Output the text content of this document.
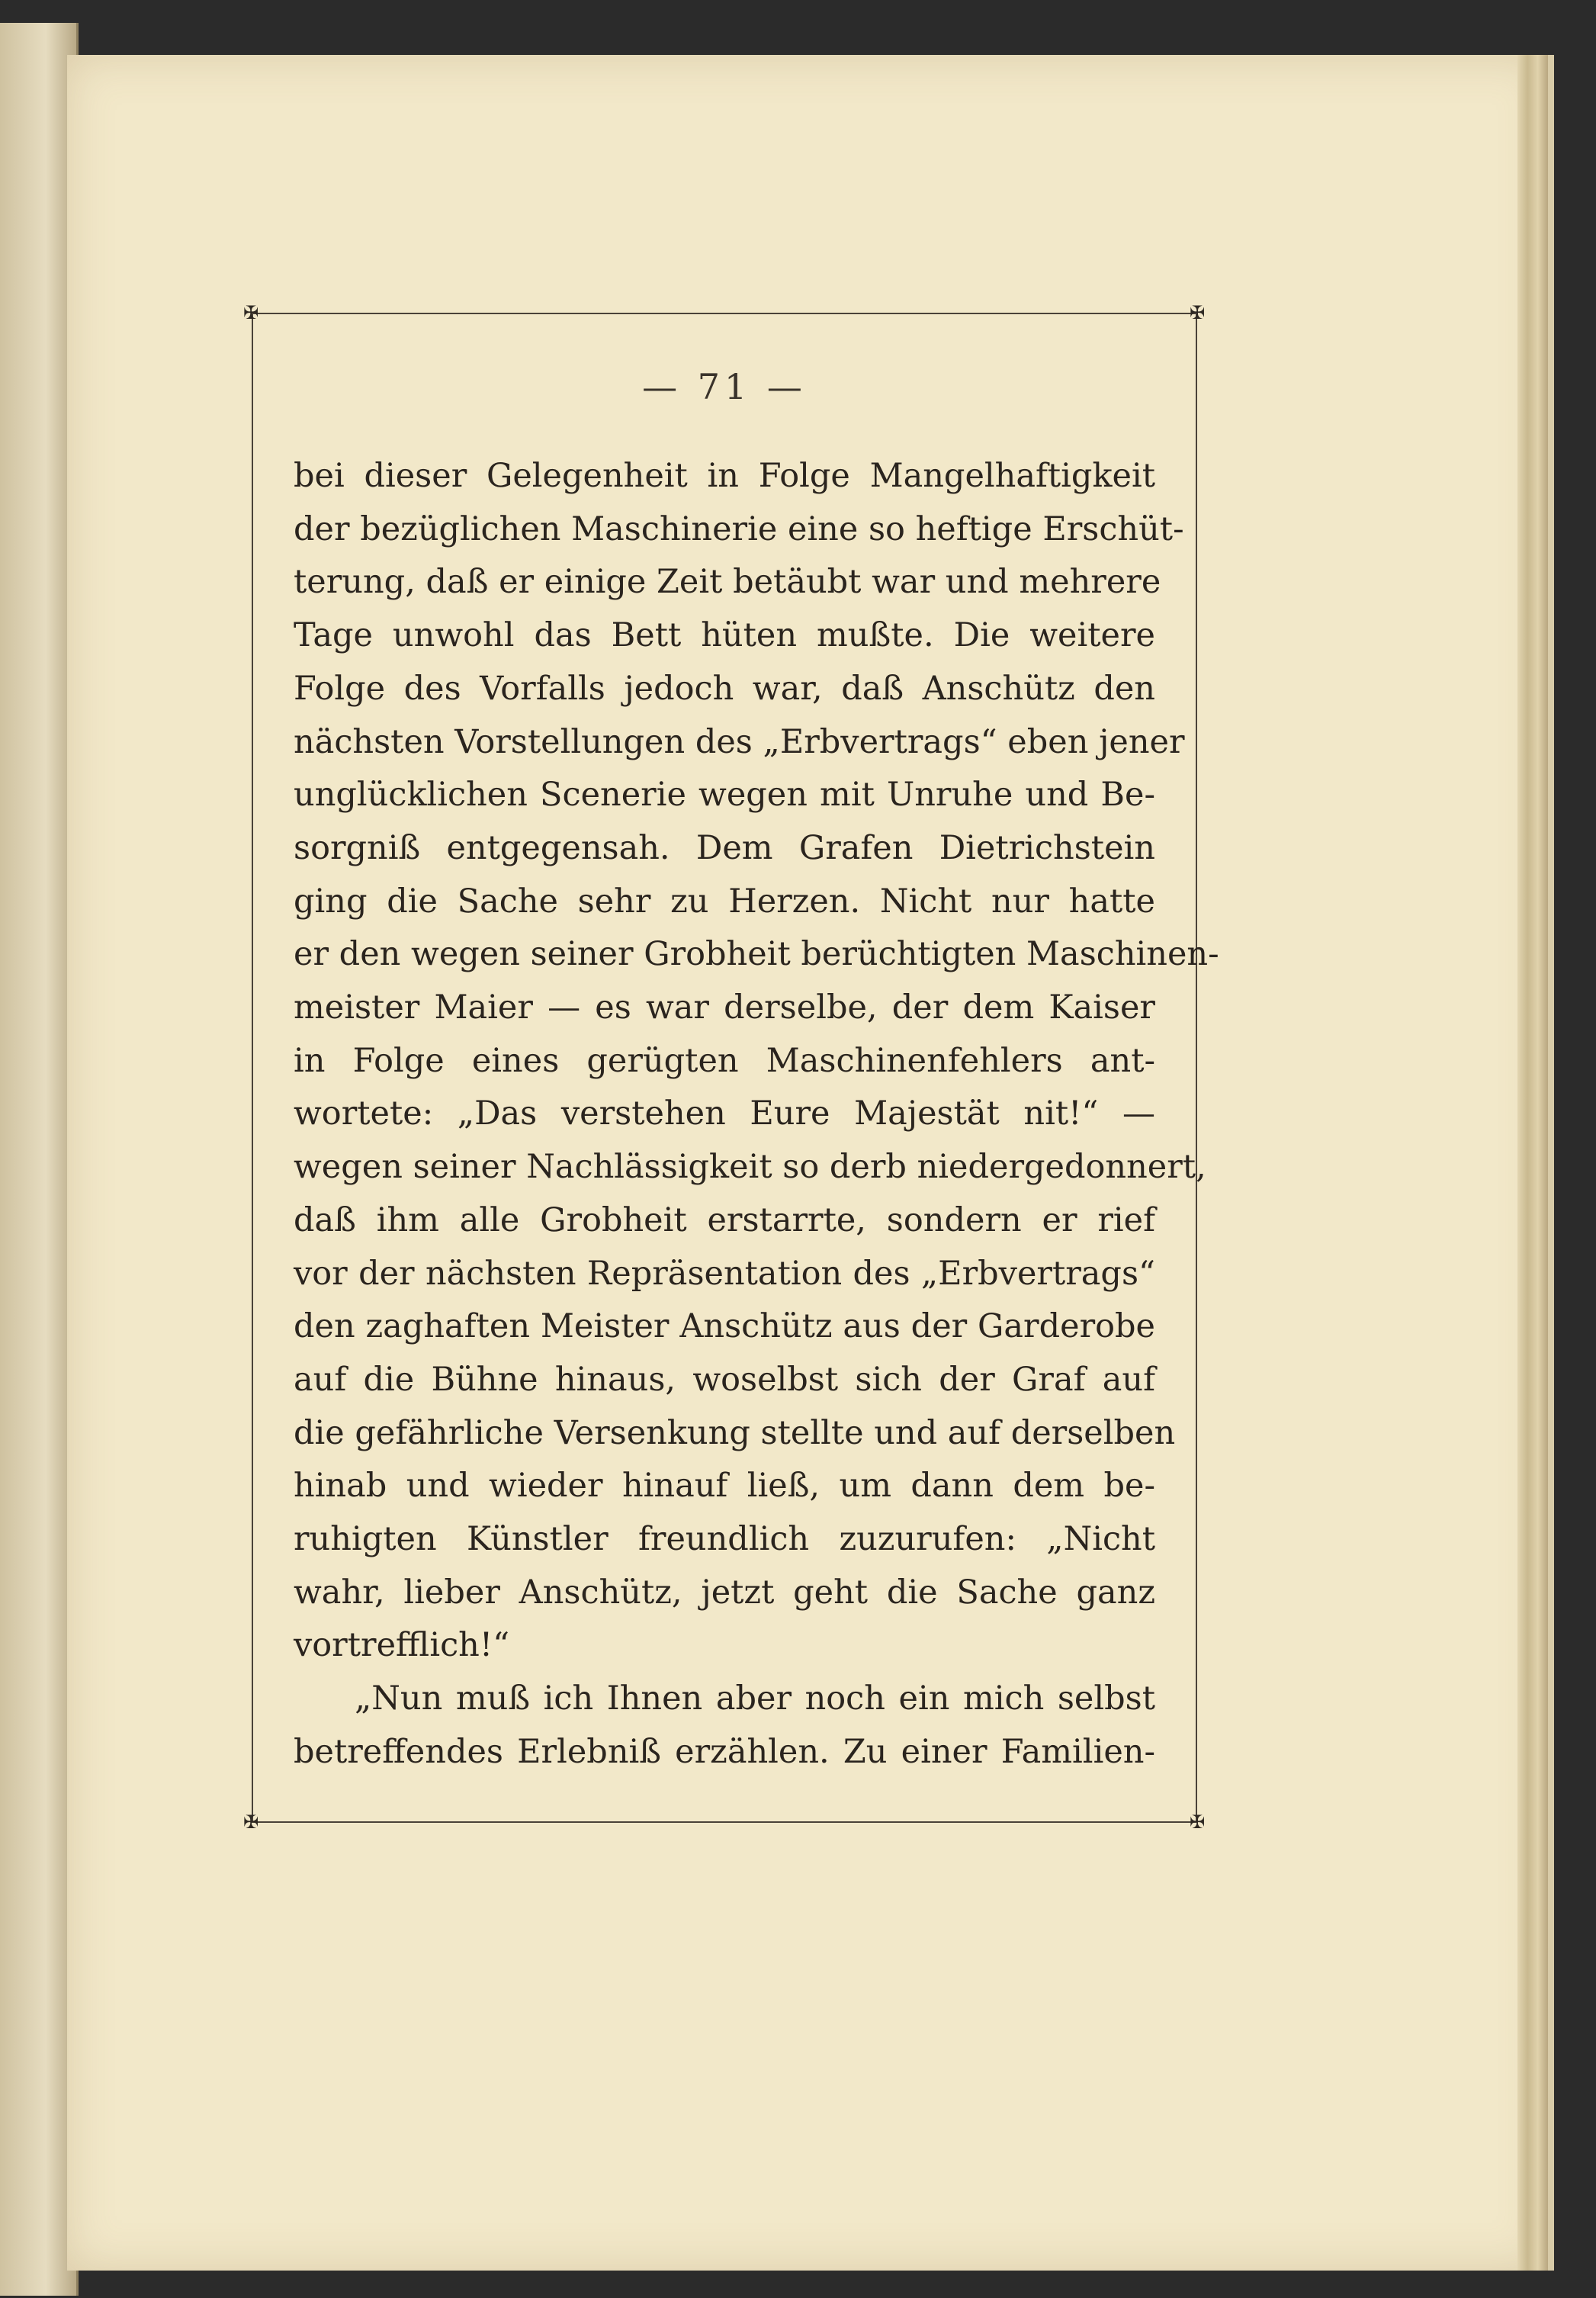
✠	✠
✠	✠
— 71 —
bei dieser Gelegenheit in Folge Mangelhaftigkeit
der bezüglichen Maschinerie eine so heftige Erschüt-
terung, daß er einige Zeit betäubt war und mehrere
Tage unwohl das Bett hüten mußte. Die weitere
Folge des Vorfalls jedoch war, daß Anschütz den
nächsten Vorstellungen des „Erbvertrags“ eben jener
unglücklichen Scenerie wegen mit Unruhe und Be-
sorgniß entgegensah. Dem Grafen Dietrichstein
ging die Sache sehr zu Herzen. Nicht nur hatte
er den wegen seiner Grobheit berüchtigten Maschinen-
meister Maier — es war derselbe, der dem Kaiser
in Folge eines gerügten Maschinenfehlers ant-
wortete: „Das verstehen Eure Majestät nit!“ —
wegen seiner Nachlässigkeit so derb niedergedonnert,
daß ihm alle Grobheit erstarrte, sondern er rief
vor der nächsten Repräsentation des „Erbvertrags“
den zaghaften Meister Anschütz aus der Garderobe
auf die Bühne hinaus, woselbst sich der Graf auf
die gefährliche Versenkung stellte und auf derselben
hinab und wieder hinauf ließ, um dann dem be-
ruhigten Künstler freundlich zuzurufen: „Nicht
wahr, lieber Anschütz, jetzt geht die Sache ganz
vortrefflich!“
„Nun muß ich Ihnen aber noch ein mich selbst
betreffendes Erlebniß erzählen. Zu einer Familien-
